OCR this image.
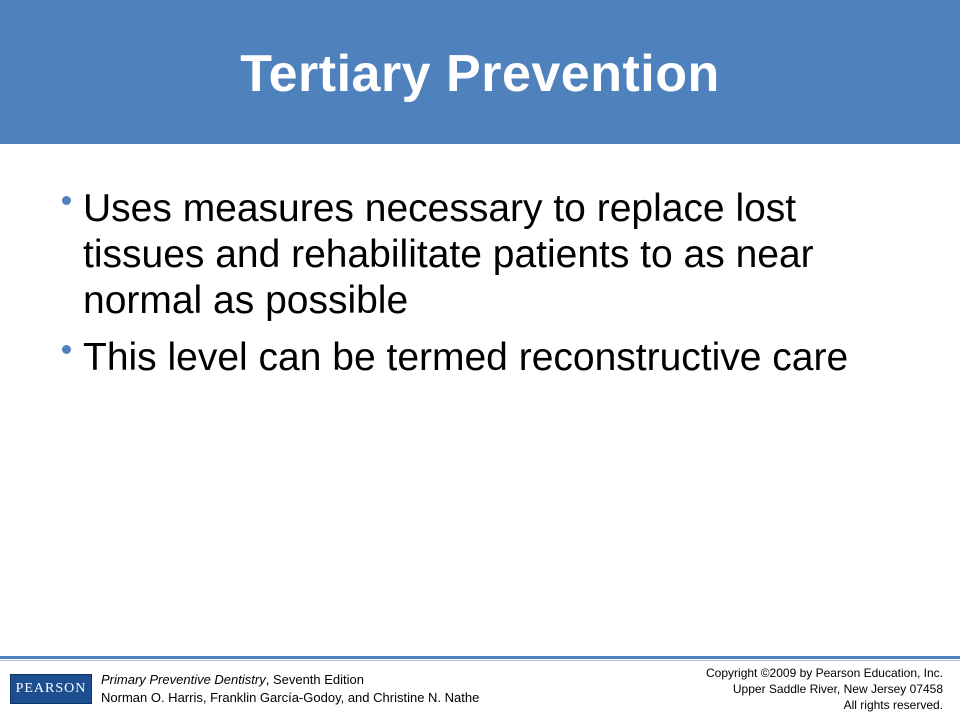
Tertiary Prevention
Uses measures necessary to replace lost tissues and rehabilitate patients to as near normal as possible
This level can be termed reconstructive care
PEARSON
Primary Preventive Dentistry, Seventh Edition
Norman O. Harris, Franklin García-Godoy, and Christine N. Nathe
Copyright ©2009 by Pearson Education, Inc.
Upper Saddle River, New Jersey 07458
All rights reserved.
